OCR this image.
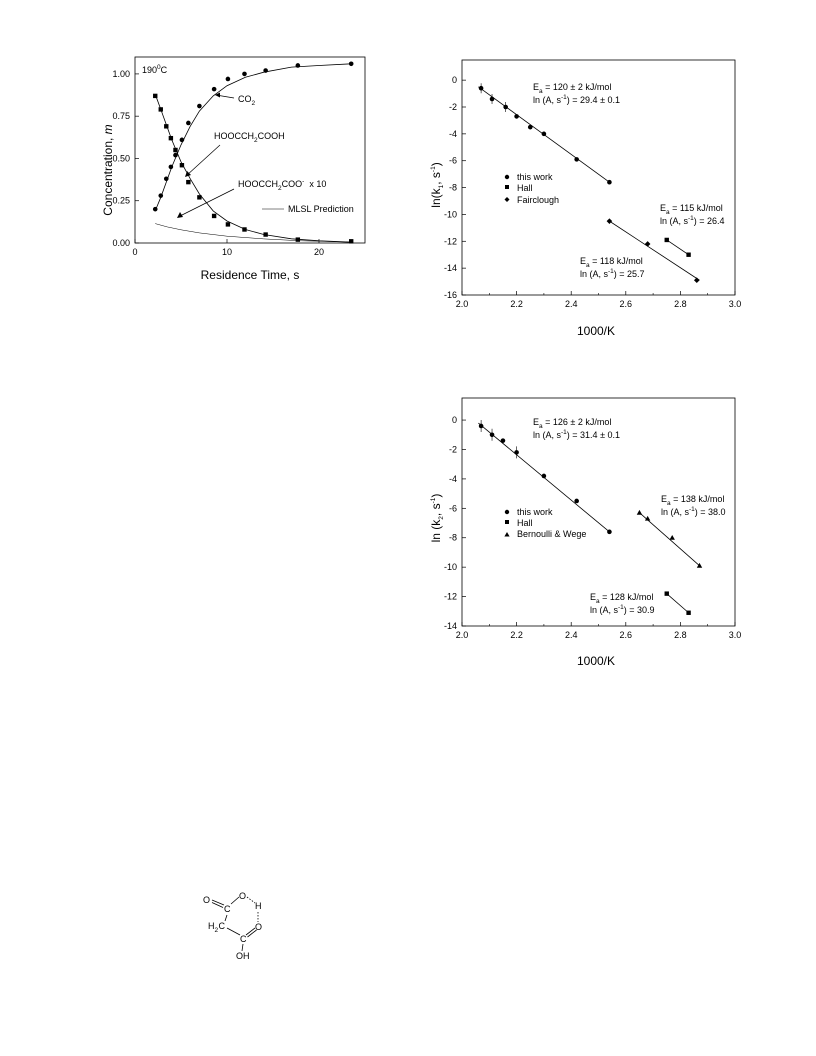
0	10	20
0.00
0.25
0.50
0.75
1.00 $190^0C$
$CO_2$
$HOOCCH_2COOH$
$HOOCCH_2COO^-$  x 10
MLSL Prediction
Residence Time, s
Concentration, m
2.0	2.2	2.4	2.6	2.8	3.0
0
-2
-4
-6
-8
-10
-12
-14
-16
this work
Hall
Fairclough
$E_a = 120 \pm 2$ kJ/mol
ln (A, $s^{-1}) = 29.4 \pm 0.1$
$E_a = 115$ kJ/mol
ln (A, $s^{-1}) = 26.4$
$E_a = 118$ kJ/mol
ln (A, $s^{-1}) = 25.7$
1000/K
$\ln(k_1$, $s^{-1}$)
2.0	2.2	2.4	2.6	2.8	3.0
0
-2
-4
-6
-8
-10
-12
-14
this work
Hall
Bernoulli & Wege
$E_a = 126 \pm 2$ kJ/mol
ln (A, $s^{-1}) = 31.4 \pm 0.1$
$E_a = 138$ kJ/mol
ln (A, $s^{-1}) = 38.0$
$E_a = 128$ kJ/mol
ln (A, $s^{-1}) = 30.9$
1000/K
$\ln (k_2$, $s^{-1}$)
O	O
H
C
H 2 C
C
O
OH
